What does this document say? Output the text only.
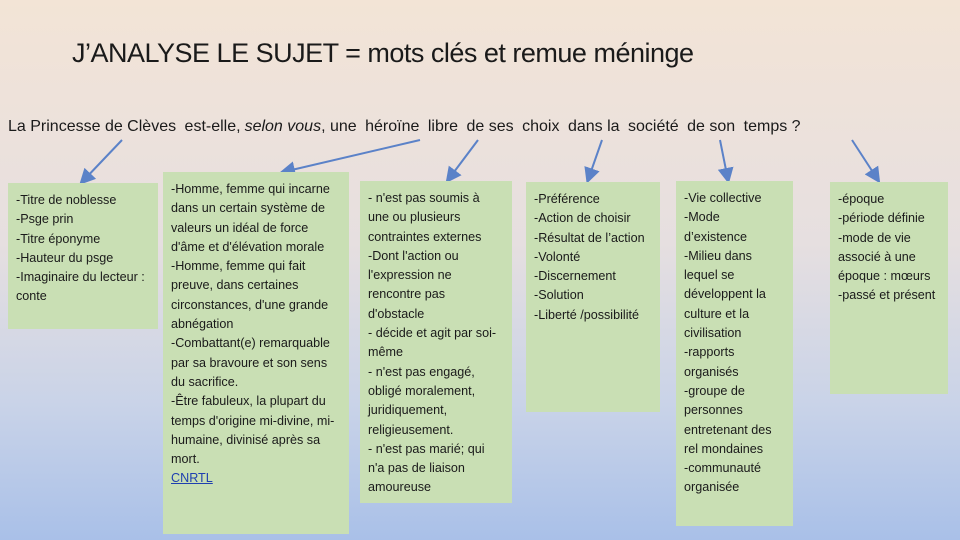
J’ANALYSE LE SUJET = mots clés et remue méninge
La Princesse de Clèves est-elle, selon vous, une héroïne libre de ses choix dans la société de son temps ?
-Titre de noblesse
-Psge prin
-Titre éponyme
-Hauteur du psge
-Imaginaire du lecteur : conte
-Homme, femme qui incarne dans un certain système de valeurs un idéal de force d'âme et d'élévation morale
-Homme, femme qui fait preuve, dans certaines circonstances, d'une grande abnégation
-Combattant(e) remarquable par sa bravoure et son sens du sacrifice.
-Être fabuleux, la plupart du temps d'origine mi-divine, mi-humaine, divinisé après sa mort.
CNRTL
- n'est pas soumis à une ou plusieurs contraintes externes
-Dont l'action ou l'expression ne rencontre pas d'obstacle
- décide et agit par soi-même
- n'est pas engagé, obligé moralement, juridiquement, religieusement.
- n'est pas marié; qui n'a pas de liaison amoureuse
-Préférence
-Action de choisir
-Résultat de l’action
-Volonté
-Discernement
-Solution
-Liberté /possibilité
-Vie collective
-Mode d’existence
-Milieu dans lequel se développent la culture et la civilisation
-rapports organisés
-groupe de personnes entretenant des rel mondaines
-communauté organisée
-époque
-période définie
-mode de vie associé à une époque : mœurs
-passé et présent
